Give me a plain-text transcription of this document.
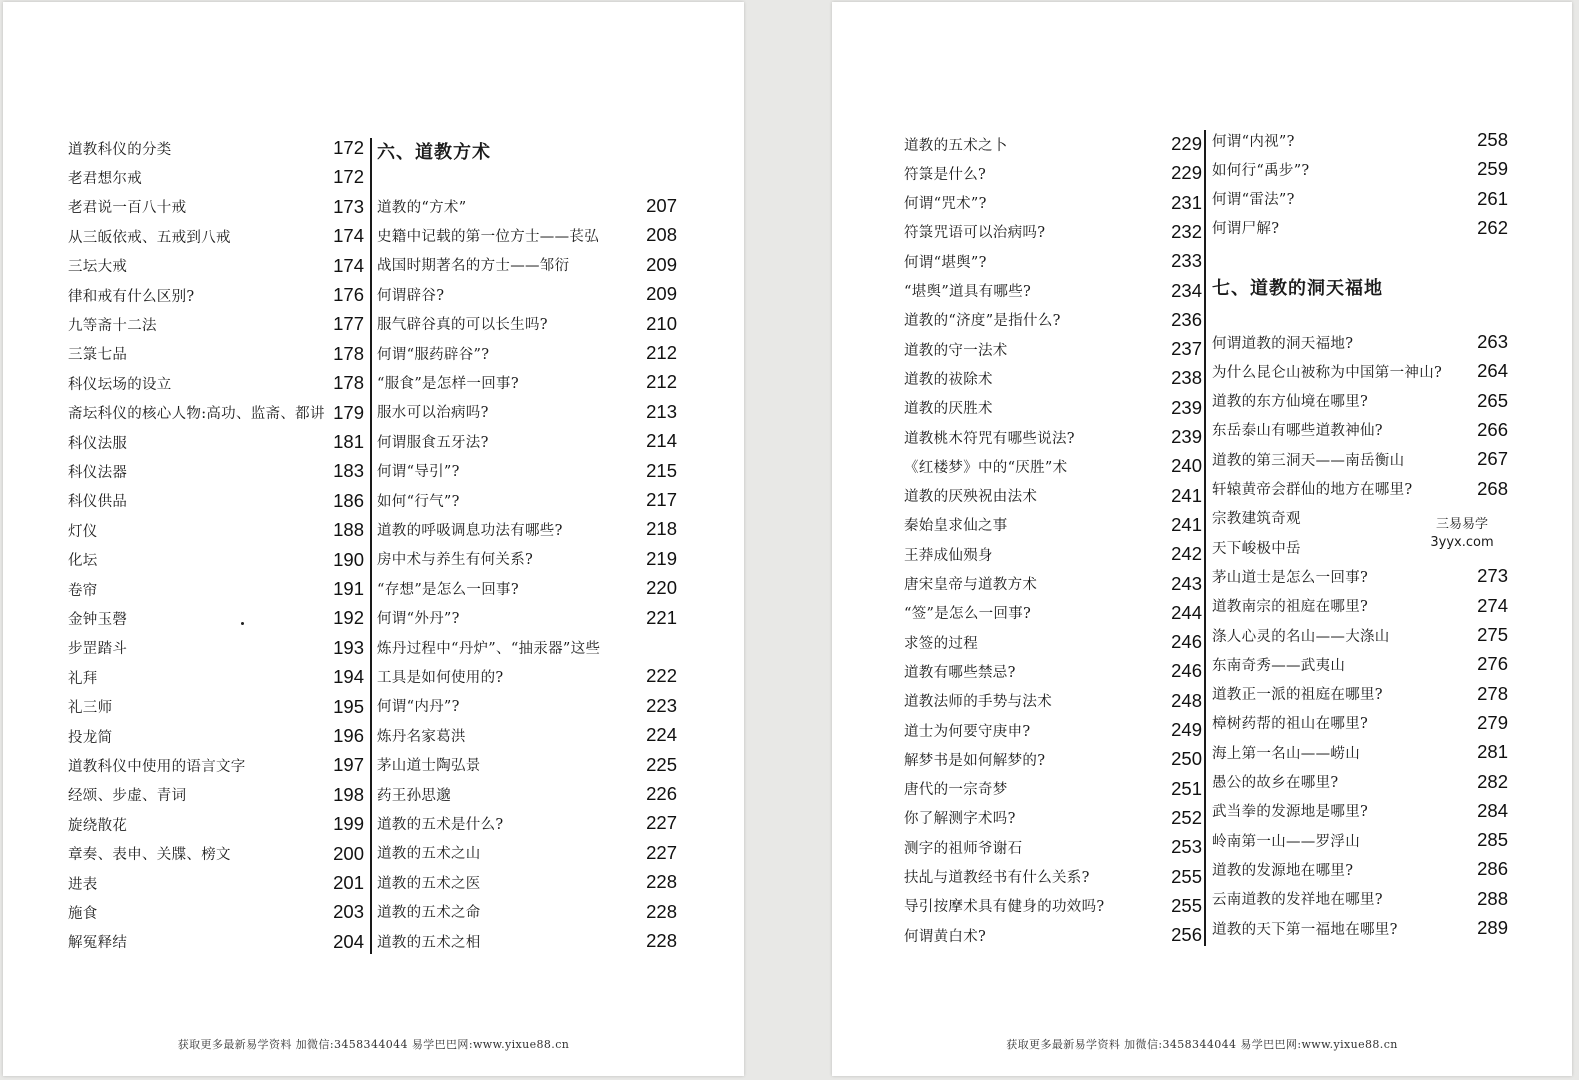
道教科仪的分类	172
老君想尔戒	172
老君说一百八十戒	173
从三皈依戒、五戒到八戒	174
三坛大戒	174
律和戒有什么区别?	176
九等斋十二法	177
三箓七品	178
科仪坛场的设立	178
斋坛科仪的核心人物:高功、监斋、都讲 179
科仪法服	181
科仪法器	183
科仪供品	186
灯仪	188
化坛	190
卷帘	191
金钟玉磬	192
步罡踏斗	193
礼拜	194
礼三师	195
投龙简	196
道教科仪中使用的语言文字	197
经颂、步虚、青词	198
旋绕散花	199
章奏、表申、关牒、榜文	200
进表	201
施食	203
解冤释结	204
六、道教方术
道教的“方术”	207
史籍中记载的第一位方士——苌弘	208
战国时期著名的方士——邹衍	209
何谓辟谷?	209
服气辟谷真的可以长生吗?	210
何谓“服药辟谷”?	212
“服食”是怎样一回事?	212
服水可以治病吗?	213
何谓服食五牙法?	214
何谓“导引”?	215
如何“行气”?	217
道教的呼吸调息功法有哪些?	218
房中术与养生有何关系?	219
“存想”是怎么一回事?	220
何谓“外丹”?	221
炼丹过程中“丹炉”、“抽汞器”这些
工具是如何使用的?	222
何谓“内丹”?	223
炼丹名家葛洪	224
茅山道士陶弘景	225
药王孙思邈	226
道教的五术是什么?	227
道教的五术之山	227
道教的五术之医	228
道教的五术之命	228
道教的五术之相	228
获取更多最新易学资料 加微信:3458344044 易学巴巴网:www.yixue88.cn
道教的五术之卜	229
符箓是什么?	229
何谓“咒术”?	231
符箓咒语可以治病吗?	232
何谓“堪舆”?	233
“堪舆”道具有哪些?	234
道教的“济度”是指什么?	236
道教的守一法术	237
道教的祓除术	238
道教的厌胜术	239
道教桃木符咒有哪些说法?	239
《红楼梦》中的“厌胜”术	240
道教的厌殃祝由法术	241
秦始皇求仙之事	241
王莽成仙殒身	242
唐宋皇帝与道教方术	243
“签”是怎么一回事?	244
求签的过程	246
道教有哪些禁忌?	246
道教法师的手势与法术	248
道士为何要守庚申?	249
解梦书是如何解梦的?	250
唐代的一宗奇梦	251
你了解测字术吗?	252
测字的祖师爷谢石	253
扶乩与道教经书有什么关系?	255
导引按摩术具有健身的功效吗?	255
何谓黄白术?	256
何谓“内视”?	258
如何行“禹步”?	259
何谓“雷法”?	261
何谓尸解?	262
七、道教的洞天福地
何谓道教的洞天福地?	263
为什么昆仑山被称为中国第一神山?	264
道教的东方仙境在哪里?	265
东岳泰山有哪些道教神仙?	266
道教的第三洞天——南岳衡山	267
轩辕黄帝会群仙的地方在哪里?	268
宗教建筑奇观
天下峻极中岳
茅山道士是怎么一回事?	273
道教南宗的祖庭在哪里?	274
涤人心灵的名山——大涤山	275
东南奇秀——武夷山	276
道教正一派的祖庭在哪里?	278
樟树药帮的祖山在哪里?	279
海上第一名山——崂山	281
愚公的故乡在哪里?	282
武当拳的发源地是哪里?	284
岭南第一山——罗浮山	285
道教的发源地在哪里?	286
云南道教的发祥地在哪里?	288
道教的天下第一福地在哪里?	289
三易易学
3yyx.com
获取更多最新易学资料 加微信:3458344044 易学巴巴网:www.yixue88.cn
